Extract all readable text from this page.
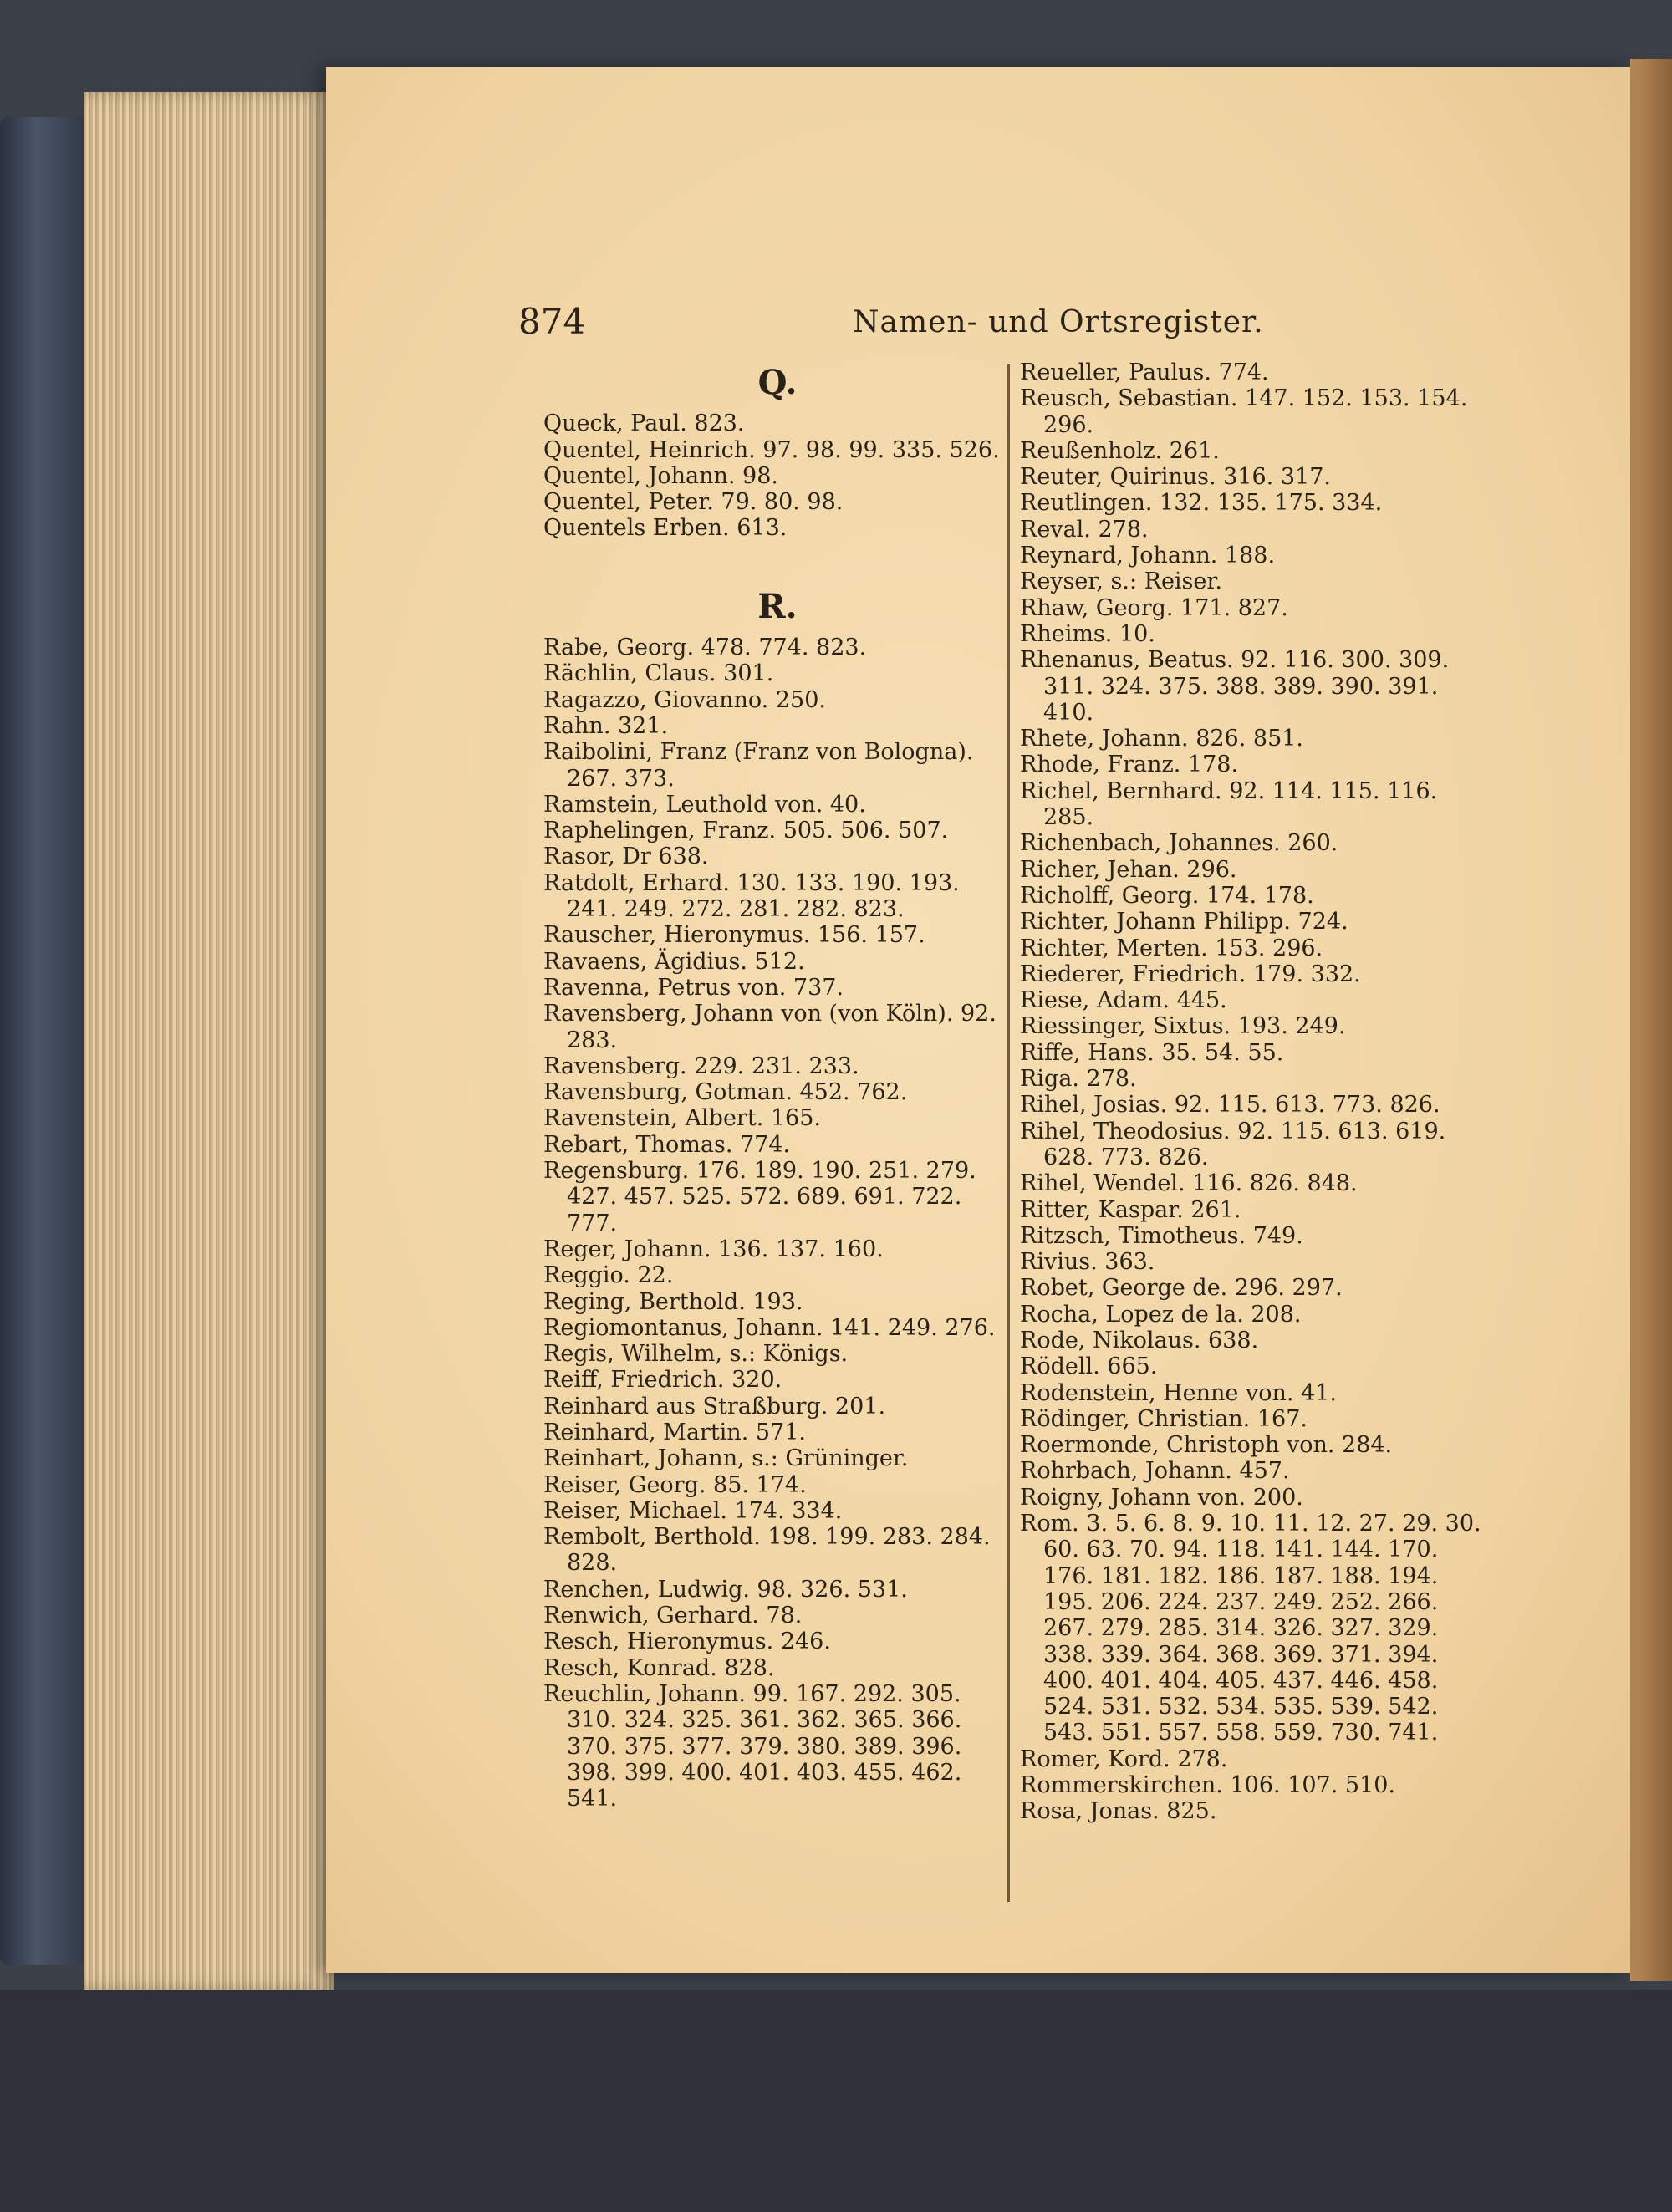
874	Namen- und Ortsregister.
Q.
Queck, Paul. 823.
Quentel, Heinrich. 97. 98. 99. 335. 526.
Quentel, Johann. 98.
Quentel, Peter. 79. 80. 98.
Quentels Erben. 613.
R.
Rabe, Georg. 478. 774. 823.
Rächlin, Claus. 301.
Ragazzo, Giovanno. 250.
Rahn. 321.
Raibolini, Franz (Franz von Bologna). 267. 373.
Ramstein, Leuthold von. 40.
Raphelingen, Franz. 505. 506. 507.
Rasor, Dr 638.
Ratdolt, Erhard. 130. 133. 190. 193. 241. 249. 272. 281. 282. 823.
Rauscher, Hieronymus. 156. 157.
Ravaens, Ägidius. 512.
Ravenna, Petrus von. 737.
Ravensberg, Johann von (von Köln). 92. 283.
Ravensberg. 229. 231. 233.
Ravensburg, Gotman. 452. 762.
Ravenstein, Albert. 165.
Rebart, Thomas. 774.
Regensburg. 176. 189. 190. 251. 279. 427. 457. 525. 572. 689. 691. 722. 777.
Reger, Johann. 136. 137. 160.
Reggio. 22.
Reging, Berthold. 193.
Regiomontanus, Johann. 141. 249. 276.
Regis, Wilhelm, s.: Königs.
Reiff, Friedrich. 320.
Reinhard aus Straßburg. 201.
Reinhard, Martin. 571.
Reinhart, Johann, s.: Grüninger.
Reiser, Georg. 85. 174.
Reiser, Michael. 174. 334.
Rembolt, Berthold. 198. 199. 283. 284. 828.
Renchen, Ludwig. 98. 326. 531.
Renwich, Gerhard. 78.
Resch, Hieronymus. 246.
Resch, Konrad. 828.
Reuchlin, Johann. 99. 167. 292. 305. 310. 324. 325. 361. 362. 365. 366. 370. 375. 377. 379. 380. 389. 396. 398. 399. 400. 401. 403. 455. 462. 541.
Reueller, Paulus. 774.
Reusch, Sebastian. 147. 152. 153. 154. 296.
Reußenholz. 261.
Reuter, Quirinus. 316. 317.
Reutlingen. 132. 135. 175. 334.
Reval. 278.
Reynard, Johann. 188.
Reyser, s.: Reiser.
Rhaw, Georg. 171. 827.
Rheims. 10.
Rhenanus, Beatus. 92. 116. 300. 309. 311. 324. 375. 388. 389. 390. 391. 410.
Rhete, Johann. 826. 851.
Rhode, Franz. 178.
Richel, Bernhard. 92. 114. 115. 116. 285.
Richenbach, Johannes. 260.
Richer, Jehan. 296.
Richolff, Georg. 174. 178.
Richter, Johann Philipp. 724.
Richter, Merten. 153. 296.
Riederer, Friedrich. 179. 332.
Riese, Adam. 445.
Riessinger, Sixtus. 193. 249.
Riffe, Hans. 35. 54. 55.
Riga. 278.
Rihel, Josias. 92. 115. 613. 773. 826.
Rihel, Theodosius. 92. 115. 613. 619. 628. 773. 826.
Rihel, Wendel. 116. 826. 848.
Ritter, Kaspar. 261.
Ritzsch, Timotheus. 749.
Rivius. 363.
Robet, George de. 296. 297.
Rocha, Lopez de la. 208.
Rode, Nikolaus. 638.
Rödell. 665.
Rodenstein, Henne von. 41.
Rödinger, Christian. 167.
Roermonde, Christoph von. 284.
Rohrbach, Johann. 457.
Roigny, Johann von. 200.
Rom. 3. 5. 6. 8. 9. 10. 11. 12. 27. 29. 30. 60. 63. 70. 94. 118. 141. 144. 170. 176. 181. 182. 186. 187. 188. 194. 195. 206. 224. 237. 249. 252. 266. 267. 279. 285. 314. 326. 327. 329. 338. 339. 364. 368. 369. 371. 394. 400. 401. 404. 405. 437. 446. 458. 524. 531. 532. 534. 535. 539. 542. 543. 551. 557. 558. 559. 730. 741.
Romer, Kord. 278.
Rommerskirchen. 106. 107. 510.
Rosa, Jonas. 825.
